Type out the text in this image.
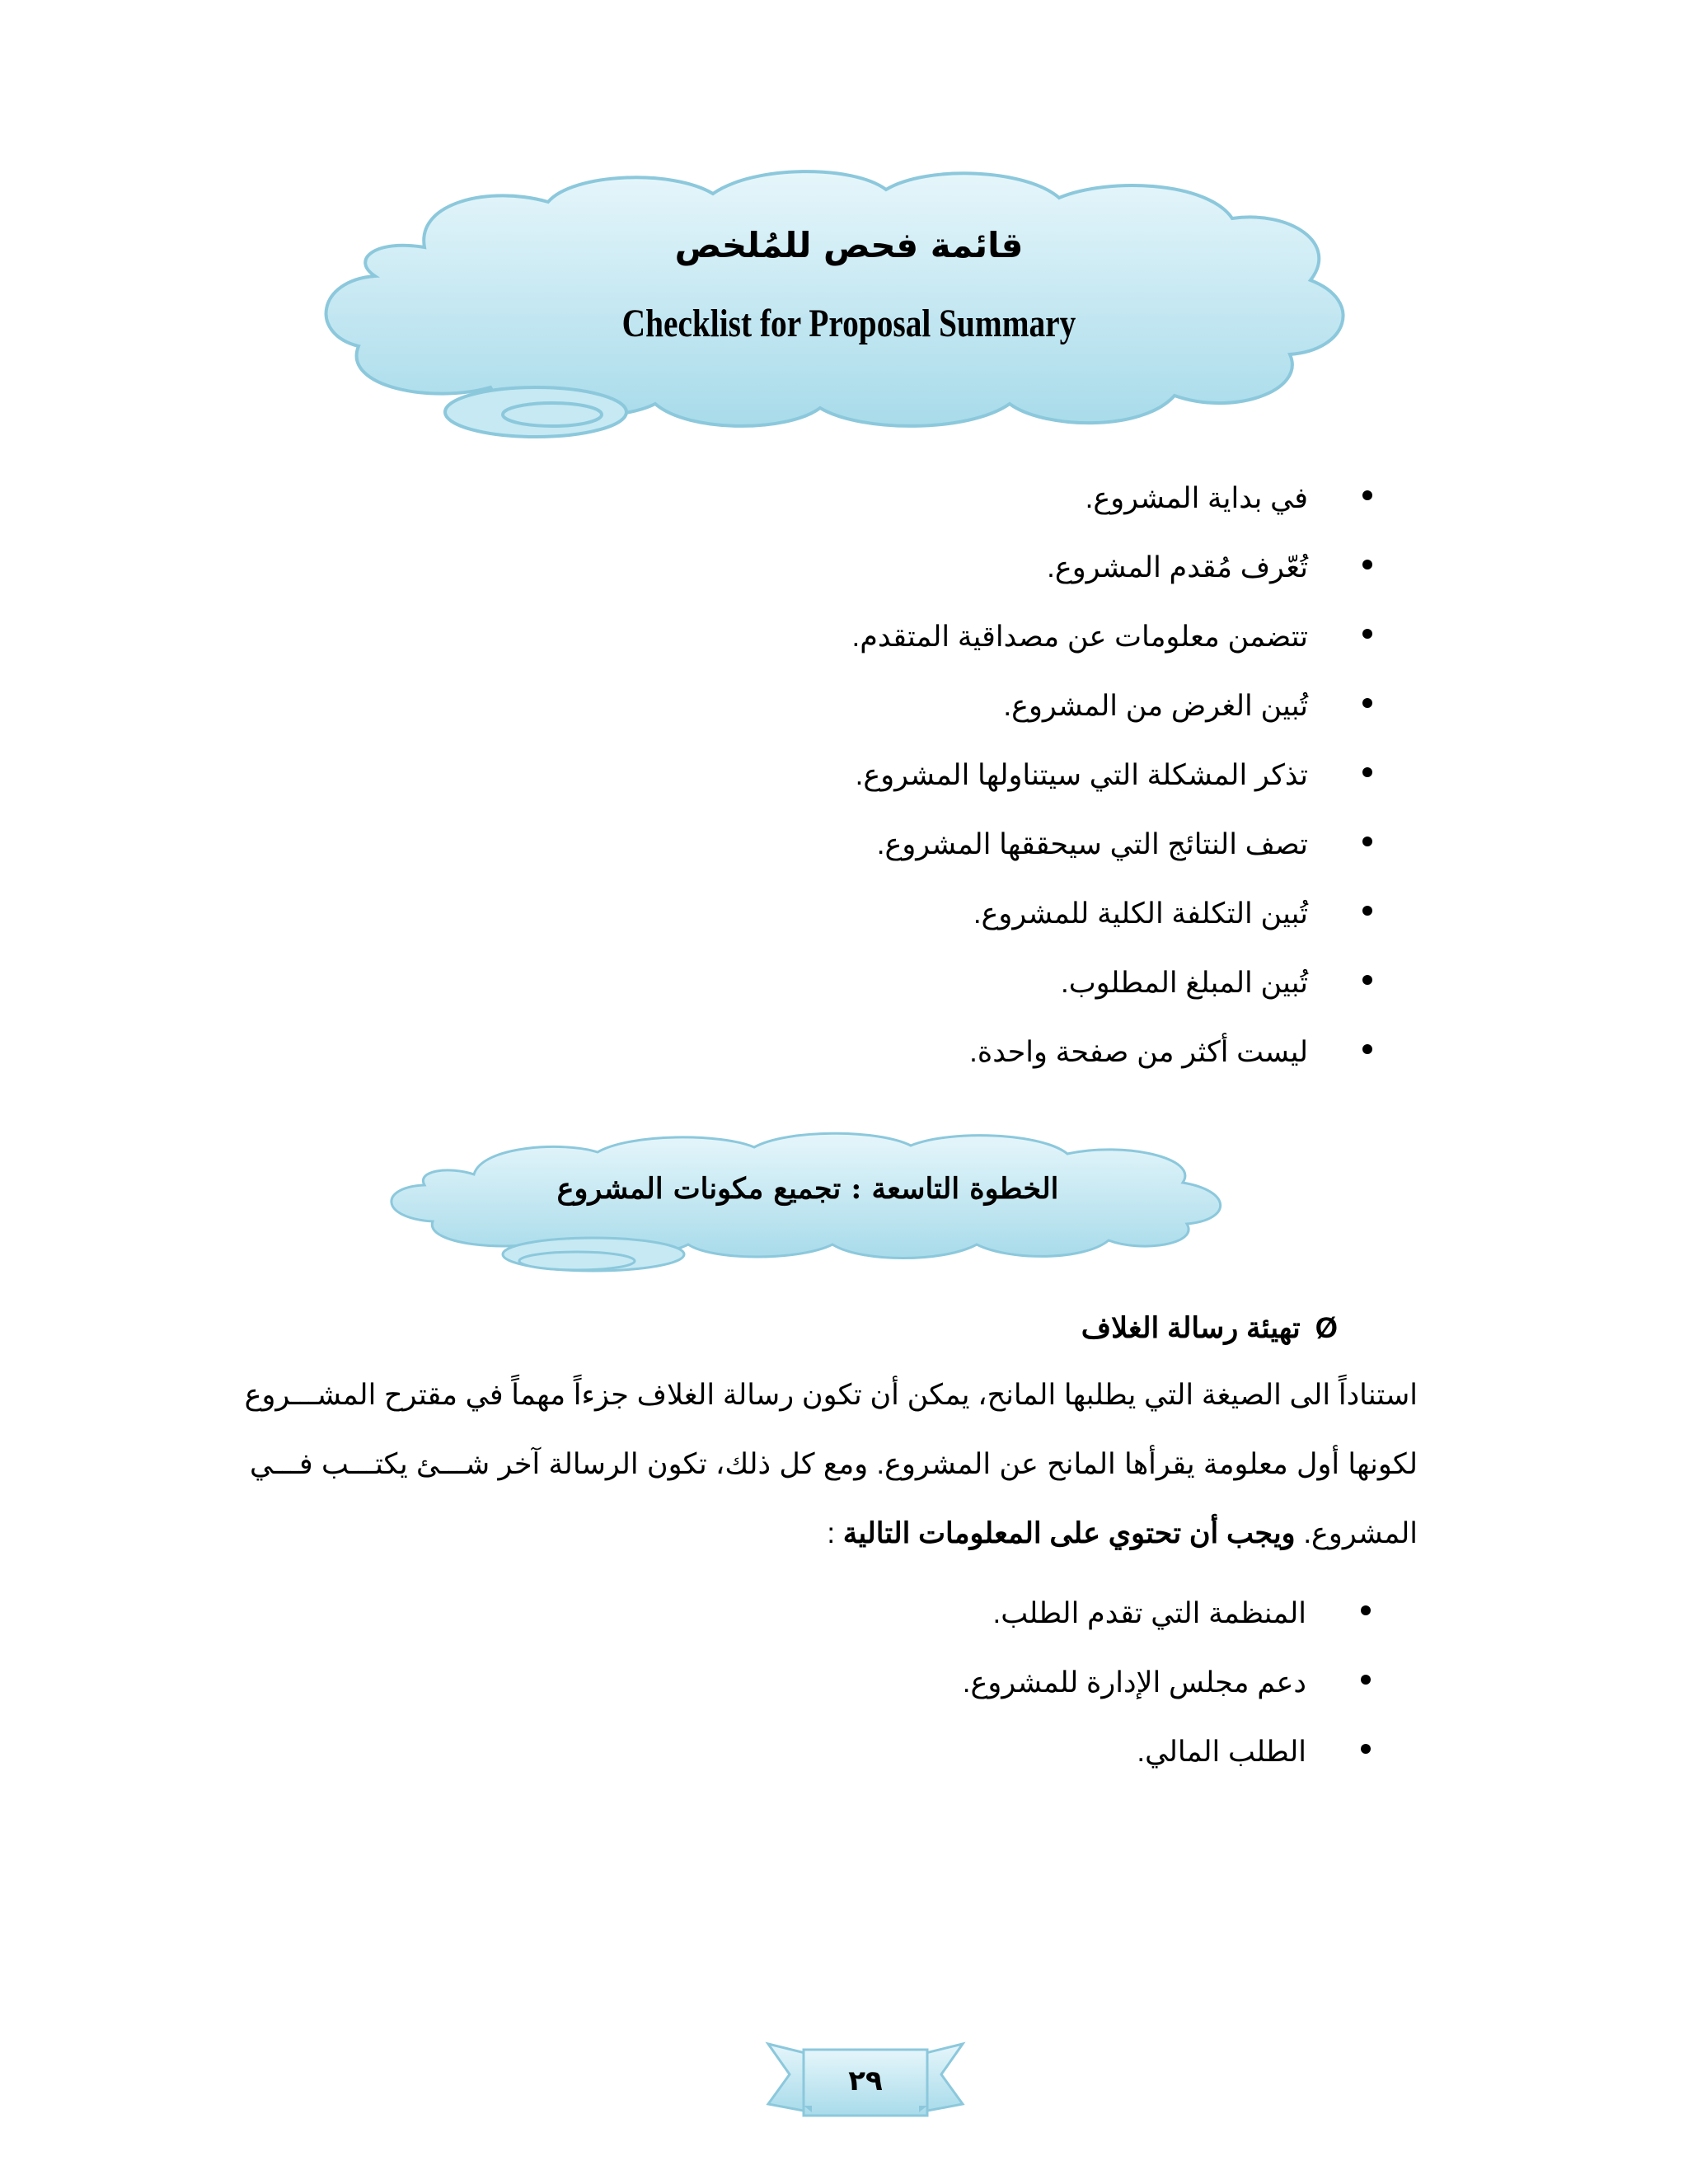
قائمة فحص للمُلخص
Checklist for Proposal Summary
في بداية المشروع.
تُعّرف مُقدم المشروع.
تتضمن معلومات عن مصداقية المتقدم.
تُبين الغرض من المشروع.
تذكر المشكلة التي سيتناولها المشروع.
تصف النتائج التي سيحققها المشروع.
تُبين التكلفة الكلية للمشروع.
تُبين المبلغ المطلوب.
ليست أكثر من صفحة واحدة.
الخطوة التاسعة : تجميع مكونات المشروع
Øتهيئة رسالة الغلاف
استناداً الى الصيغة التي يطلبها المانح، يمكن أن تكون رسالة الغلاف جزءاً مهماً في مقترح المشـــروع
لكونها أول معلومة يقرأها المانح عن المشروع. ومع كل ذلك، تكون الرسالة آخر شـــئ يكتـــب فـــي
المشروع. ويجب أن تحتوي على المعلومات التالية :
المنظمة التي تقدم الطلب.
دعم مجلس الإدارة للمشروع.
الطلب المالي.
٢٩
